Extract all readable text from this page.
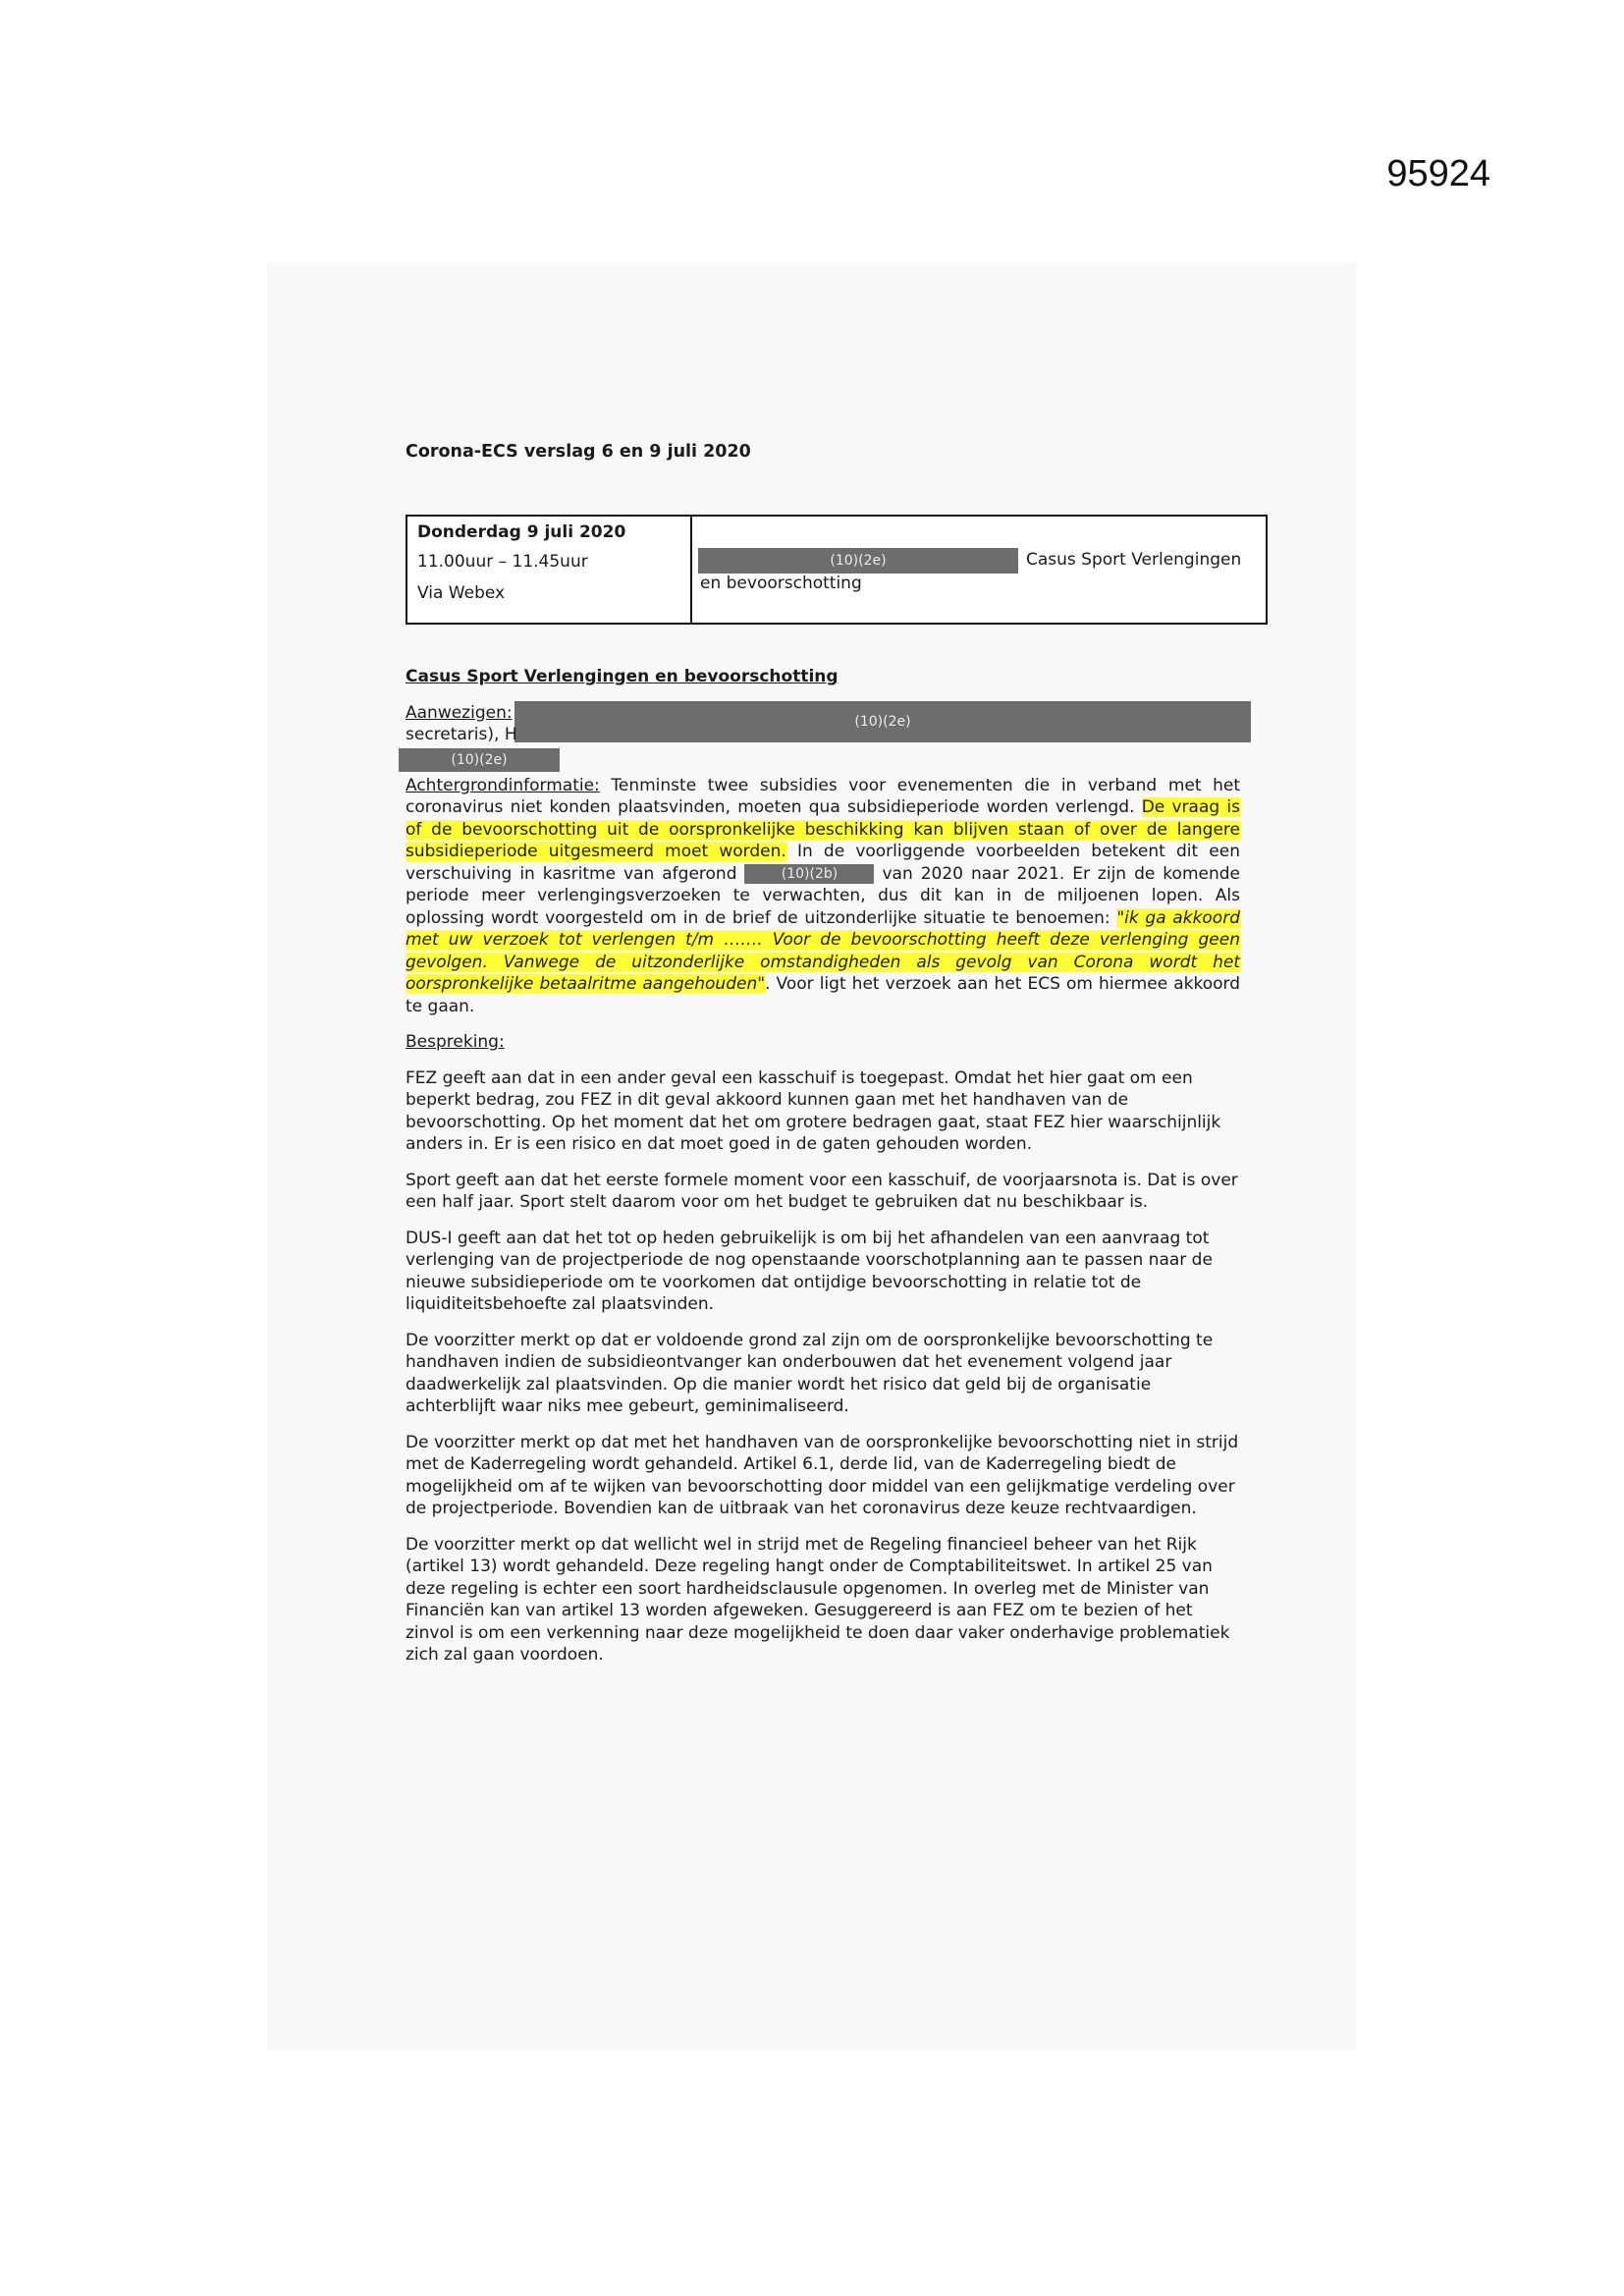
95924
Corona-ECS verslag 6 en 9 juli 2020
Donderdag 9 juli 2020
11.00uur – 11.45uur
Via Webex
(10)(2e)	Casus Sport Verlengingen
en bevoorschotting
(10)(2e)
(10)(2e)

Casus Sport Verlengingen en bevoorschotting

Aanwezigen:
secretaris), H

Achtergrondinformatie: Tenminste twee subsidies voor evenementen die in verband met het coronavirus niet konden plaatsvinden, moeten qua subsidieperiode worden verlengd. De vraag is of de bevoorschotting uit de oorspronkelijke beschikking kan blijven staan of over de langere subsidieperiode uitgesmeerd moet worden. In de voorliggende voorbeelden betekent dit een verschuiving in kasritme van afgerond	(10)(2b) van 2020 naar 2021. Er zijn de komende periode meer verlengingsverzoeken te verwachten, dus dit kan in de miljoenen lopen. Als oplossing wordt voorgesteld om in de brief de uitzonderlijke situatie te benoemen: "ik ga akkoord met uw verzoek tot verlengen t/m ……. Voor de bevoorschotting heeft deze verlenging geen gevolgen. Vanwege de uitzonderlijke omstandigheden als gevolg van Corona wordt het oorspronkelijke betaalritme aangehouden". Voor ligt het verzoek aan het ECS om hiermee akkoord te gaan.

Bespreking:

FEZ geeft aan dat in een ander geval een kasschuif is toegepast. Omdat het hier gaat om een beperkt bedrag, zou FEZ in dit geval akkoord kunnen gaan met het handhaven van de bevoorschotting. Op het moment dat het om grotere bedragen gaat, staat FEZ hier waarschijnlijk anders in. Er is een risico en dat moet goed in de gaten gehouden worden.

Sport geeft aan dat het eerste formele moment voor een kasschuif, de voorjaarsnota is. Dat is over een half jaar. Sport stelt daarom voor om het budget te gebruiken dat nu beschikbaar is.

DUS-I geeft aan dat het tot op heden gebruikelijk is om bij het afhandelen van een aanvraag tot verlenging van de projectperiode de nog openstaande voorschotplanning aan te passen naar de nieuwe subsidieperiode om te voorkomen dat ontijdige bevoorschotting in relatie tot de liquiditeitsbehoefte zal plaatsvinden.

De voorzitter merkt op dat er voldoende grond zal zijn om de oorspronkelijke bevoorschotting te handhaven indien de subsidieontvanger kan onderbouwen dat het evenement volgend jaar daadwerkelijk zal plaatsvinden. Op die manier wordt het risico dat geld bij de organisatie achterblijft waar niks mee gebeurt, geminimaliseerd.

De voorzitter merkt op dat met het handhaven van de oorspronkelijke bevoorschotting niet in strijd met de Kaderregeling wordt gehandeld. Artikel 6.1, derde lid, van de Kaderregeling biedt de mogelijkheid om af te wijken van bevoorschotting door middel van een gelijkmatige verdeling over de projectperiode. Bovendien kan de uitbraak van het coronavirus deze keuze rechtvaardigen.

De voorzitter merkt op dat wellicht wel in strijd met de Regeling financieel beheer van het Rijk (artikel 13) wordt gehandeld. Deze regeling hangt onder de Comptabiliteitswet. In artikel 25 van deze regeling is echter een soort hardheidsclausule opgenomen. In overleg met de Minister van Financiën kan van artikel 13 worden afgeweken. Gesuggereerd is aan FEZ om te bezien of het zinvol is om een verkenning naar deze mogelijkheid te doen daar vaker onderhavige problematiek zich zal gaan voordoen.
